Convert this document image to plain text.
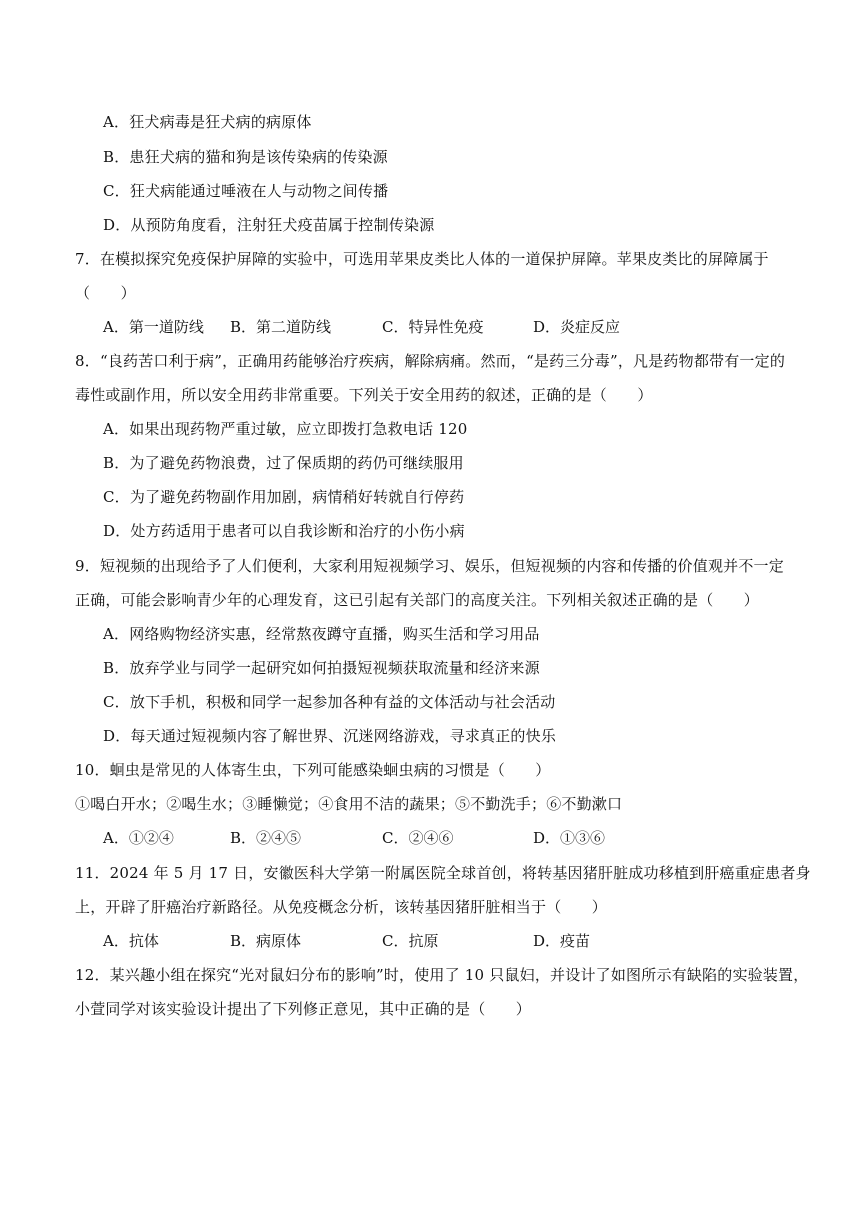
A．狂犬病毒是狂犬病的病原体
B．患狂犬病的猫和狗是该传染病的传染源
C．狂犬病能通过唾液在人与动物之间传播
D．从预防角度看，注射狂犬疫苗属于控制传染源
7．在模拟探究免疫保护屏障的实验中，可选用苹果皮类比人体的一道保护屏障。苹果皮类比的屏障属于
（　　）
A．第一道防线 B．第二道防线	C．特异性免疫	D．炎症反应
8．“良药苦口利于病”，正确用药能够治疗疾病，解除病痛。然而，“是药三分毒”，凡是药物都带有一定的
毒性或副作用，所以安全用药非常重要。下列关于安全用药的叙述，正确的是（　　）
A．如果出现药物严重过敏，应立即拨打急救电话 120
B．为了避免药物浪费，过了保质期的药仍可继续服用
C．为了避免药物副作用加剧，病情稍好转就自行停药
D．处方药适用于患者可以自我诊断和治疗的小伤小病
9．短视频的出现给予了人们便利，大家利用短视频学习、娱乐，但短视频的内容和传播的价值观并不一定
正确，可能会影响青少年的心理发育，这已引起有关部门的高度关注。下列相关叙述正确的是（　　）
A．网络购物经济实惠，经常熬夜蹲守直播，购买生活和学习用品
B．放弃学业与同学一起研究如何拍摄短视频获取流量和经济来源
C．放下手机，积极和同学一起参加各种有益的文体活动与社会活动
D．每天通过短视频内容了解世界、沉迷网络游戏，寻求真正的快乐
10．蛔虫是常见的人体寄生虫，下列可能感染蛔虫病的习惯是（　　）
①喝白开水；②喝生水；③睡懒觉；④食用不洁的蔬果；⑤不勤洗手；⑥不勤漱口
A．①②④	B．②④⑤	C．②④⑥	D．①③⑥
11．2024 年 5 月 17 日，安徽医科大学第一附属医院全球首创，将转基因猪肝脏成功移植到肝癌重症患者身
上，开辟了肝癌治疗新路径。从免疫概念分析，该转基因猪肝脏相当于（　　）
A．抗体	B．病原体	C．抗原	D．疫苗
12．某兴趣小组在探究“光对鼠妇分布的影响”时，使用了 10 只鼠妇，并设计了如图所示有缺陷的实验装置，
小萱同学对该实验设计提出了下列修正意见，其中正确的是（　　）
